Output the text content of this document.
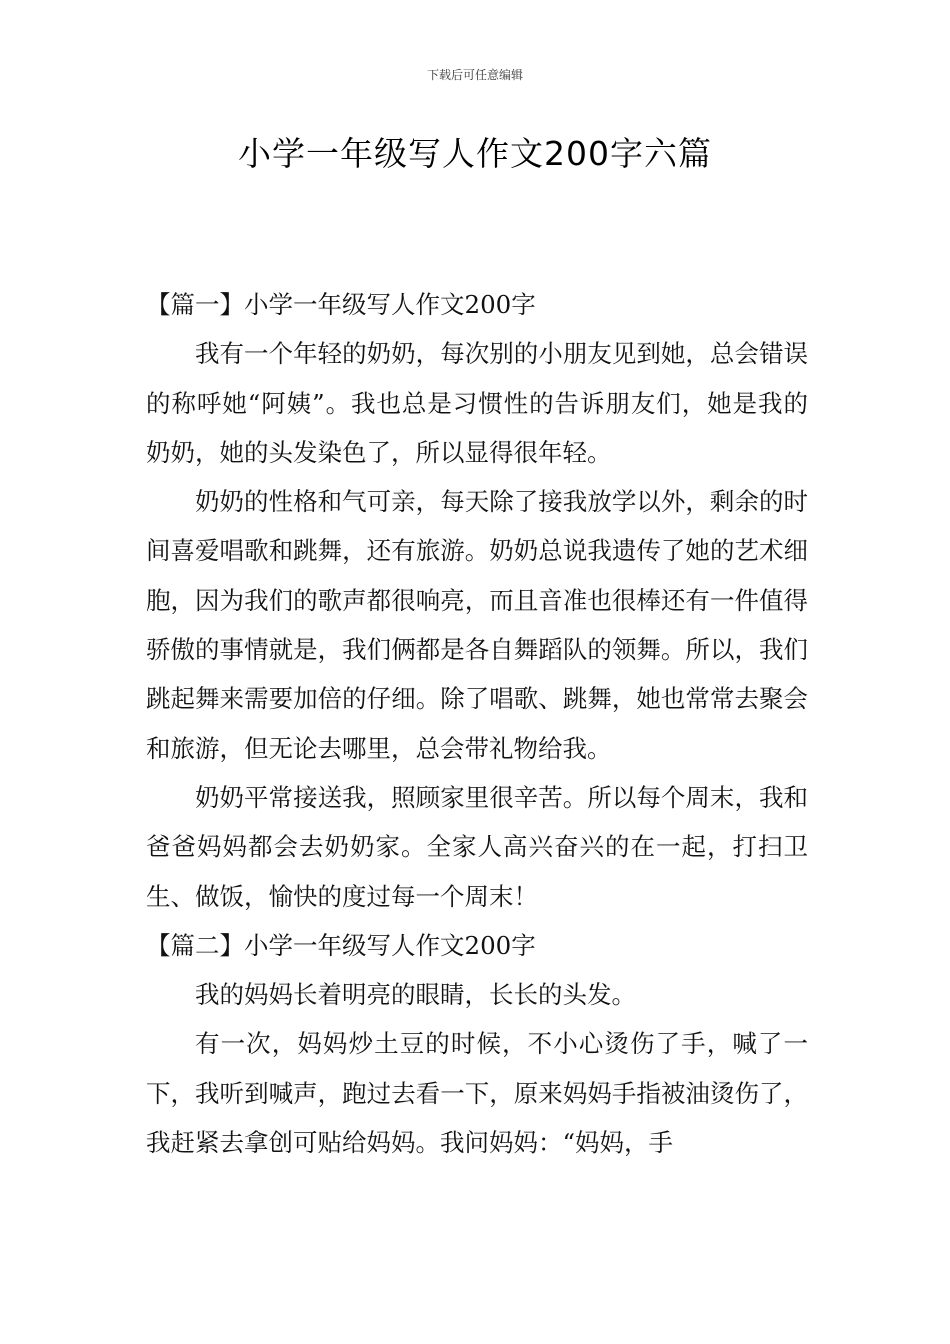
下载后可任意编辑
小学一年级写人作文200字六篇

【篇一】小学一年级写人作文200字

我有一个年轻的奶奶，每次别的小朋友见到她，总会错误的称呼她“阿姨”。我也总是习惯性的告诉朋友们，她是我的奶奶，她的头发染色了，所以显得很年轻。

奶奶的性格和气可亲，每天除了接我放学以外，剩余的时间喜爱唱歌和跳舞，还有旅游。奶奶总说我遗传了她的艺术细胞，因为我们的歌声都很响亮，而且音准也很棒还有一件值得骄傲的事情就是，我们俩都是各自舞蹈队的领舞。所以，我们跳起舞来需要加倍的仔细。除了唱歌、跳舞，她也常常去聚会和旅游，但无论去哪里，总会带礼物给我。

奶奶平常接送我，照顾家里很辛苦。所以每个周末，我和爸爸妈妈都会去奶奶家。全家人高兴奋兴的在一起，打扫卫生、做饭，愉快的度过每一个周末！

【篇二】小学一年级写人作文200字

我的妈妈长着明亮的眼睛，长长的头发。

有一次，妈妈炒土豆的时候，不小心烫伤了手，喊了一下，我听到喊声，跑过去看一下，原来妈妈手指被油烫伤了，我赶紧去拿创可贴给妈妈。我问妈妈：“妈妈，手
